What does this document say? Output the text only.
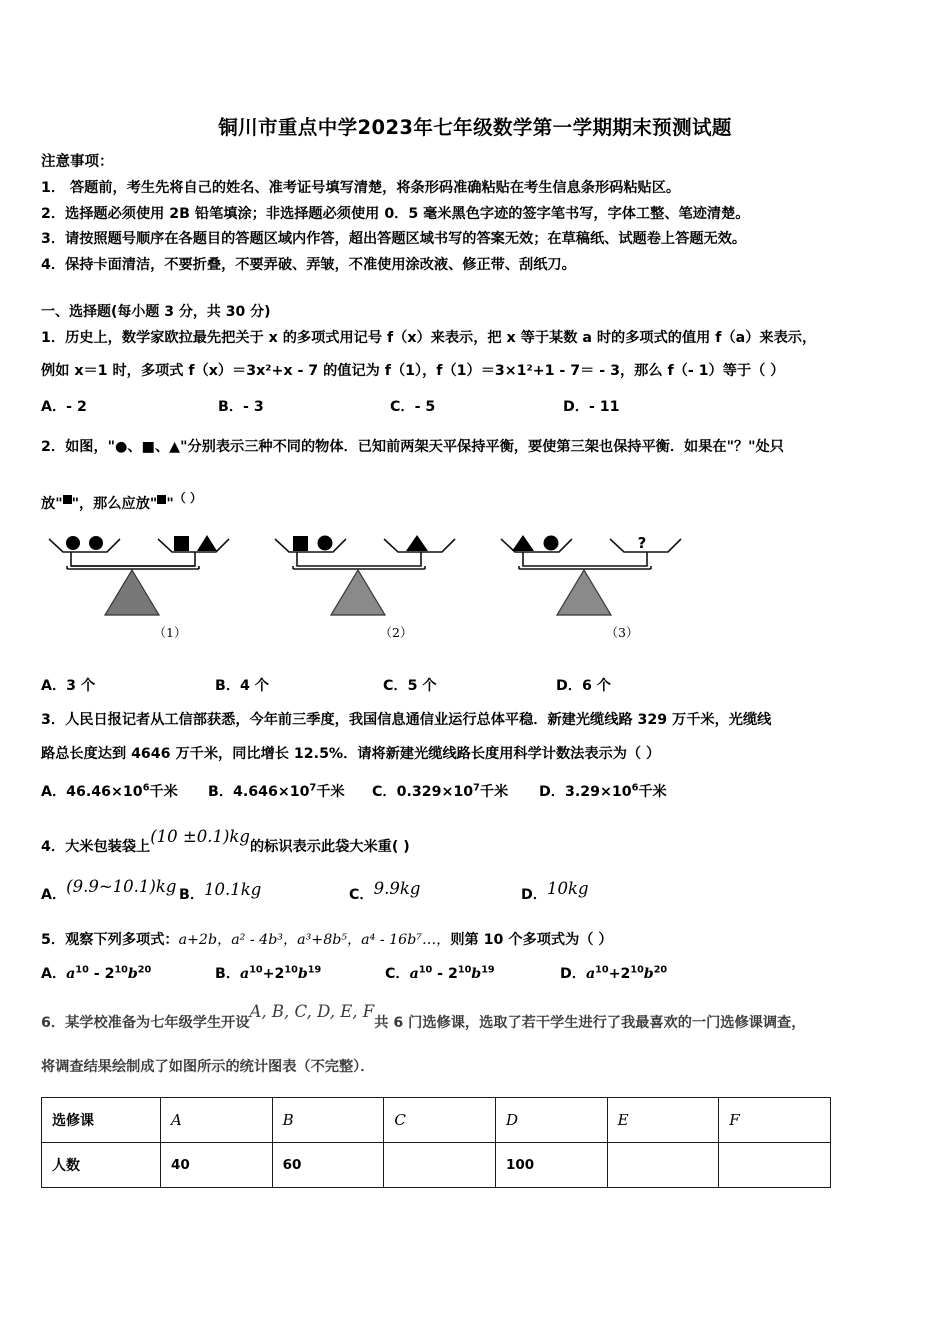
铜川市重点中学2023年七年级数学第一学期期末预测试题
注意事项：
1． 答题前，考生先将自己的姓名、准考证号填写清楚，将条形码准确粘贴在考生信息条形码粘贴区。
2．选择题必须使用 2B 铅笔填涂；非选择题必须使用 0．5 毫米黑色字迹的签字笔书写，字体工整、笔迹清楚。
3．请按照题号顺序在各题目的答题区域内作答，超出答题区域书写的答案无效；在草稿纸、试题卷上答题无效。
4．保持卡面清洁，不要折叠，不要弄破、弄皱，不准使用涂改液、修正带、刮纸刀。
一、选择题(每小题 3 分，共 30 分)
1．历史上，数学家欧拉最先把关于 x 的多项式用记号 f（x）来表示，把 x 等于某数 a 时的多项式的值用 f（a）来表示，
例如 x＝1 时，多项式 f（x）＝3x²+x - 7 的值记为 f（1），f（1）＝3×1²+1 - 7＝ - 3，那么 f（- 1）等于（ ）
A．- 2	B．- 3	C．- 5	D．- 11
2．如图，"●、■、▲"分别表示三种不同的物体．已知前两架天平保持平衡，要使第三架也保持平衡．如果在"？"处只
放" "，那么应放" "（ ）
（1）	（2）
?
（3）
A．3 个	B．4 个	C．5 个	D．6 个
3．人民日报记者从工信部获悉，今年前三季度，我国信息通信业运行总体平稳．新建光缆线路 329 万千米，光缆线
路总长度达到 4646 万千米，同比增长 12.5%．请将新建光缆线路长度用科学计数法表示为（ ）
A．$46.46\times 10^6$千米 B．$4.646\times 10^7$千米 C．$0.329\times 10^7$千米 D．$3.29\times 10^6$千米
4．大米包装袋上(10 ±0.1)kg的标识表示此袋大米重( )
A．(9.9~10.1)kg B．10.1kg	C．9.9kg	D．10kg
5．观察下列多项式：a+2b，a² - 4b³，a³+8b⁵，a⁴ - 16b⁷…，则第 10 个多项式为（ ）
A．$a^{10} - 2^{10}b^{20}$	B．$a^{10}+2^{10}b^{19}$	C．$a^{10} - 2^{10}b^{19}$	D．$a^{10}+2^{10}b^{20}$
6．某学校准备为七年级学生开设A, B, C, D, E, F共 6 门选修课，选取了若干学生进行了我最喜欢的一门选修课调查，
将调查结果绘制成了如图所示的统计图表（不完整）．
选修课	A	B	C	D	E	F
人数	40	60		100		
